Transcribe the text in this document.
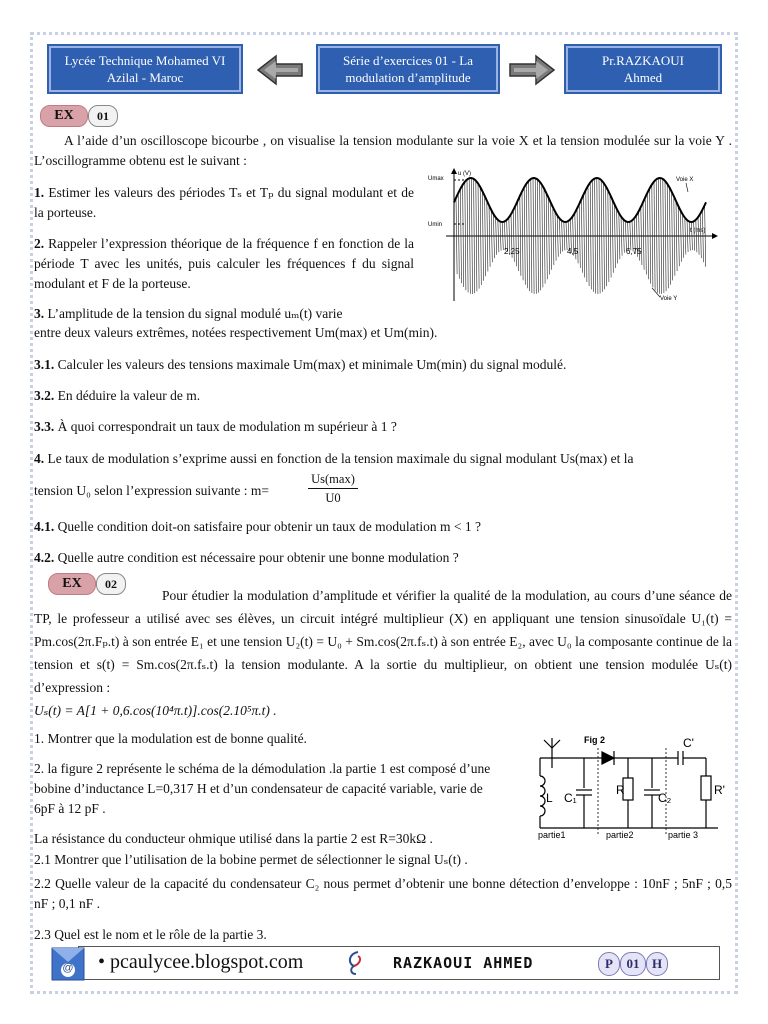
Lycée Technique Mohamed VI
Azilal - Maroc
Série d’exercices 01 - La
modulation d’amplitude
Pr.RAZKAOUI
Ahmed
EX	01
A l’aide d’un oscilloscope bicourbe , on visualise la tension modulante sur la voie X et la tension modulée sur la voie Y . L’oscillogramme obtenu est le suivant :
1. Estimer les valeurs des périodes Tₛ et Tₚ du signal modulant et de la porteuse.
2. Rappeler l’expression théorique de la fréquence f en fonction de la période T avec les unités, puis calculer les fréquences f du signal modulant et F de la porteuse.
3. L’amplitude de la tension du signal modulé uₘ(t) varie
entre deux valeurs extrêmes, notées respectivement Um(max) et Um(min).
3.1. Calculer les valeurs des tensions maximale Um(max) et minimale Um(min) du signal modulé.
3.2. En déduire la valeur de m.
3.3. À quoi correspondrait un taux de modulation m supérieur à 1 ?
4. Le taux de modulation s’exprime aussi en fonction de la tension maximale du signal modulant Us(max) et la
tension U₀ selon l’expression suivante : m=
Us(max)
U0
4.1. Quelle condition doit-on satisfaire pour obtenir un taux de modulation m < 1 ?
4.2. Quelle autre condition est nécessaire pour obtenir une bonne modulation ?
u (V)
Umax
Umin
t (ms)
2,25	4,5	6,75
Voie X
Voie Y
EX	02
Pour étudier la modulation d’amplitude et vérifier la qualité de la modulation, au cours d’une séance de TP, le professeur a utilisé avec ses élèves, un circuit intégré multiplieur (X) en appliquant une tension sinusoïdale U₁(t) = Pm.cos(2π.Fₚ.t) à son entrée E₁ et une tension U₂(t) = U₀ + Sm.cos(2π.fₛ.t) à son entrée E₂, avec U₀ la composante continue de la tension et s(t) = Sm.cos(2π.fₛ.t) la tension modulante. A la sortie du multiplieur, on obtient une tension modulée Uₛ(t) d’expression :
Uₛ(t) = A[1 + 0,6.cos(10⁴π.t)].cos(2.10⁵π.t) .
1. Montrer que la modulation est de bonne qualité.
2. la figure 2 représente le schéma de la démodulation .la partie 1 est composé d’une bobine d’inductance L=0,317 H et d’un condensateur de capacité variable, varie de 6pF à 12 pF .
La résistance du conducteur ohmique utilisé dans la partie 2 est R=30kΩ .
2.1 Montrer que l’utilisation de la bobine permet de sélectionner le signal Uₛ(t) .
2.2 Quelle valeur de la capacité du condensateur C₂ nous permet d’obtenir une bonne détection d’enveloppe : 10nF ; 5nF ; 0,5 nF ; 0,1 nF .
2.3 Quel est le nom et le rôle de la partie 3.
Fig 2
L C₁
R
C₂
C'
R'
partie1	partie2	partie 3
@ • pcaulycee.blogspot.com	RAZKAOUI AHMED	P	01 H
